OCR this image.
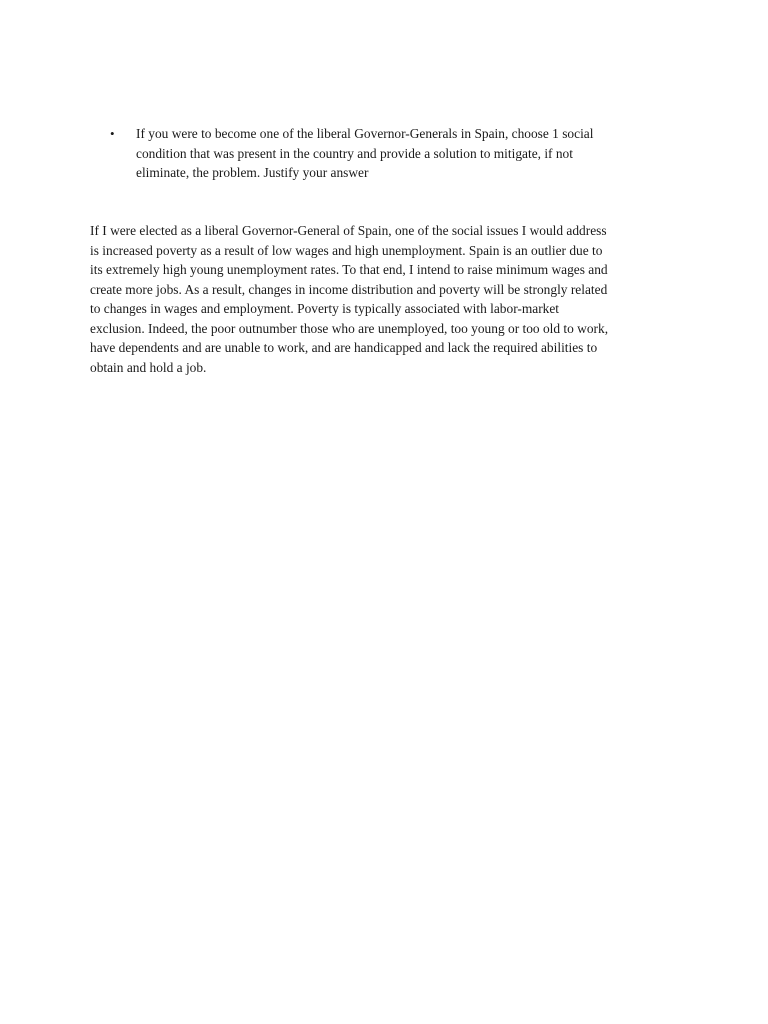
• If you were to become one of the liberal Governor-Generals in Spain, choose 1 social
condition that was present in the country and provide a solution to mitigate, if not
eliminate, the problem. Justify your answer

If I were elected as a liberal Governor-General of Spain, one of the social issues I would address
is increased poverty as a result of low wages and high unemployment. Spain is an outlier due to
its extremely high young unemployment rates. To that end, I intend to raise minimum wages and
create more jobs. As a result, changes in income distribution and poverty will be strongly related
to changes in wages and employment. Poverty is typically associated with labor-market
exclusion. Indeed, the poor outnumber those who are unemployed, too young or too old to work,
have dependents and are unable to work, and are handicapped and lack the required abilities to
obtain and hold a job.
